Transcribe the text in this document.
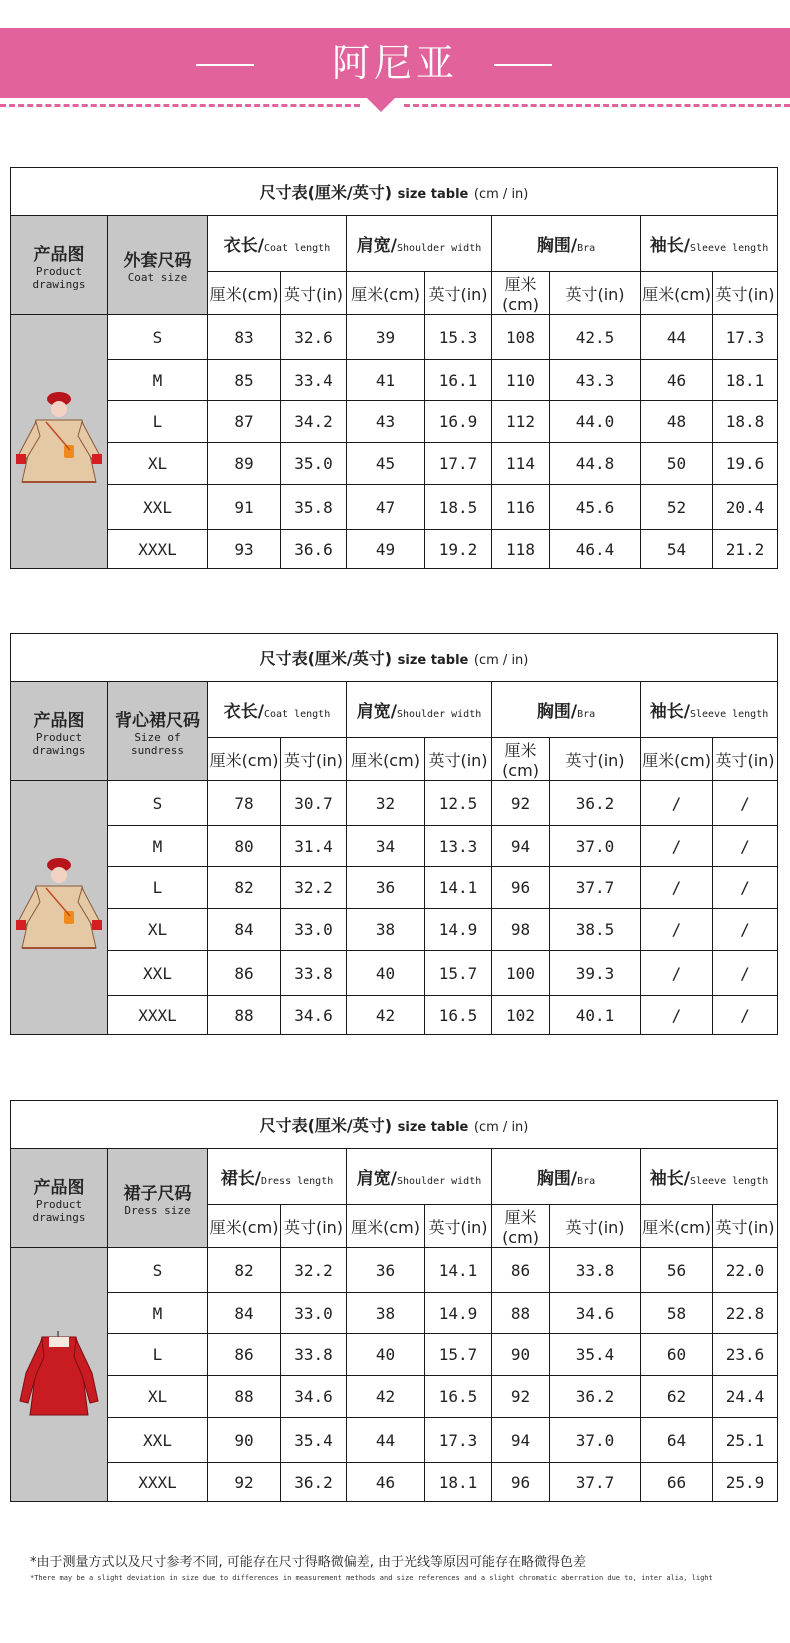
阿尼亚
尺寸表(厘米/英寸) size table (cm / in)									

产品图
Product drawings	外套尺码
Coat size	衣长/Coat length		肩宽/Shoulder width		胸围/Bra		袖长/Sleeve length	
		厘米(cm)	英寸(in)	厘米(cm)	英寸(in)	厘米(cm)	英寸(in)	厘米(cm)	英寸(in)
	S	83	32.6	39	15.3	108	42.5	44	17.3
	M	85	33.4	41	16.1	110	43.3	46	18.1
	L	87	34.2	43	16.9	112	44.0	48	18.8
	XL	89	35.0	45	17.7	114	44.8	50	19.6
	XXL	91	35.8	47	18.5	116	45.6	52	20.4
	XXXL	93	36.6	49	19.2	118	46.4	54	21.2
尺寸表(厘米/英寸) size table (cm / in)									

产品图
Product drawings	背心裙尺码
Size of sundress	衣长/Coat length		肩宽/Shoulder width		胸围/Bra		袖长/Sleeve length	
		厘米(cm)	英寸(in)	厘米(cm)	英寸(in)	厘米(cm)	英寸(in)	厘米(cm)	英寸(in)
	S	78	30.7	32	12.5	92	36.2	/	/
	M	80	31.4	34	13.3	94	37.0	/	/
	L	82	32.2	36	14.1	96	37.7	/	/
	XL	84	33.0	38	14.9	98	38.5	/	/
	XXL	86	33.8	40	15.7	100	39.3	/	/
	XXXL	88	34.6	42	16.5	102	40.1	/	/
尺寸表(厘米/英寸) size table (cm / in)									

产品图
Product drawings	裙子尺码
Dress size	裙长/Dress length		肩宽/Shoulder width		胸围/Bra		袖长/Sleeve length	
		厘米(cm)	英寸(in)	厘米(cm)	英寸(in)	厘米(cm)	英寸(in)	厘米(cm)	英寸(in)
	S	82	32.2	36	14.1	86	33.8	56	22.0
	M	84	33.0	38	14.9	88	34.6	58	22.8
	L	86	33.8	40	15.7	90	35.4	60	23.6
	XL	88	34.6	42	16.5	92	36.2	62	24.4
	XXL	90	35.4	44	17.3	94	37.0	64	25.1
	XXXL	92	36.2	46	18.1	96	37.7	66	25.9
*由于测量方式以及尺寸参考不同, 可能存在尺寸得略微偏差, 由于光线等原因可能存在略微得色差
*There may be a slight deviation in size due to differences in measurement methods and size references and a slight chromatic aberration due to, inter alia, light
